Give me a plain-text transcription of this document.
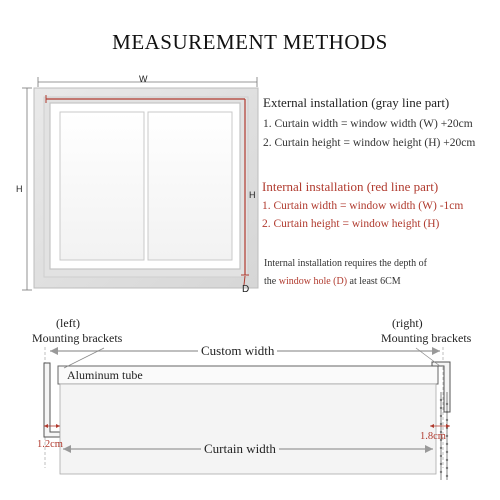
MEASUREMENT METHODS
W
H
H
D
External installation (gray line part)
1. Curtain width = window width (W) +20cm
2. Curtain height = window height (H) +20cm
Internal installation (red line part)
1. Curtain width = window width (W) -1cm
2. Curtain height = window height (H)
Internal installation requires the depth of
the window hole (D) at least 6CM
(left)
Mounting brackets
(right)
Mounting brackets
Custom width
Aluminum tube
Curtain width
1.2cm
1.8cm
